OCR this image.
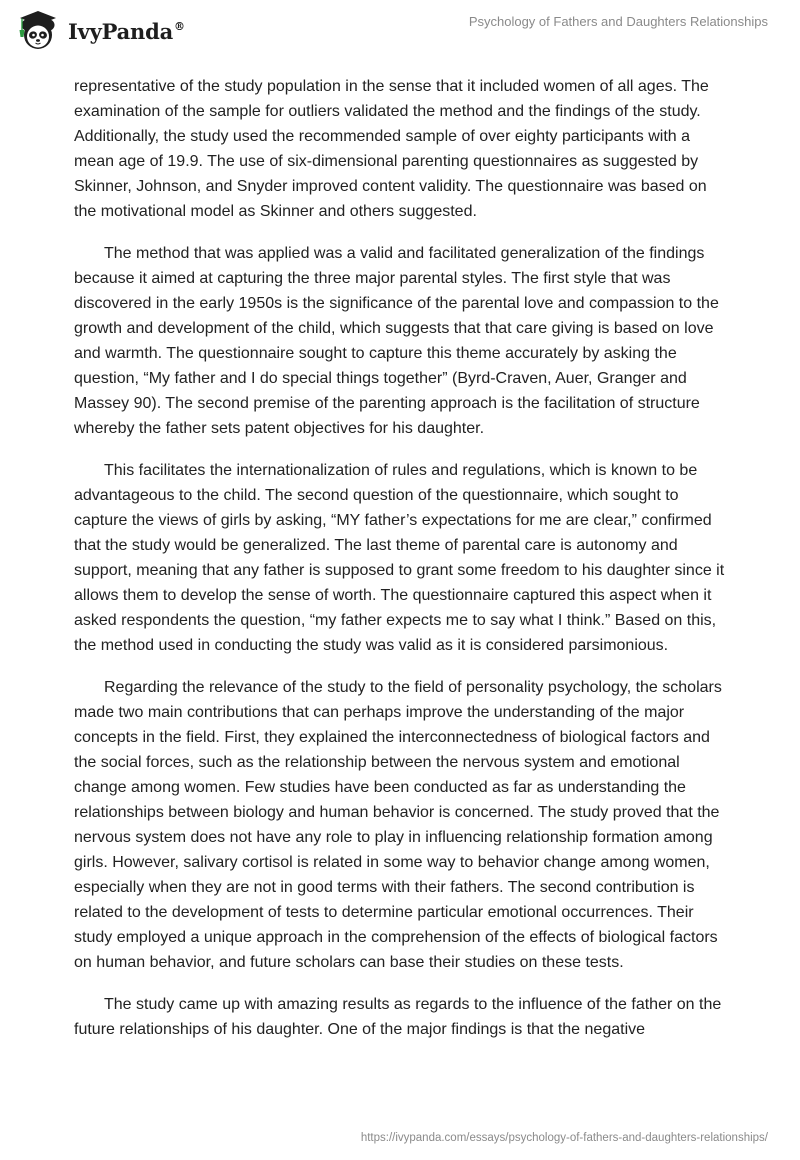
IvyPanda®	Psychology of Fathers and Daughters Relationships

representative of the study population in the sense that it included women of all ages. The examination of the sample for outliers validated the method and the findings of the study. Additionally, the study used the recommended sample of over eighty participants with a mean age of 19.9. The use of six-dimensional parenting questionnaires as suggested by Skinner, Johnson, and Snyder improved content validity. The questionnaire was based on the motivational model as Skinner and others suggested.

The method that was applied was a valid and facilitated generalization of the findings because it aimed at capturing the three major parental styles. The first style that was discovered in the early 1950s is the significance of the parental love and compassion to the growth and development of the child, which suggests that that care giving is based on love and warmth. The questionnaire sought to capture this theme accurately by asking the question, “My father and I do special things together” (Byrd-Craven, Auer, Granger and Massey 90). The second premise of the parenting approach is the facilitation of structure whereby the father sets patent objectives for his daughter.

This facilitates the internationalization of rules and regulations, which is known to be advantageous to the child. The second question of the questionnaire, which sought to capture the views of girls by asking, “MY father’s expectations for me are clear,” confirmed that the study would be generalized. The last theme of parental care is autonomy and support, meaning that any father is supposed to grant some freedom to his daughter since it allows them to develop the sense of worth. The questionnaire captured this aspect when it asked respondents the question, “my father expects me to say what I think.” Based on this, the method used in conducting the study was valid as it is considered parsimonious.

Regarding the relevance of the study to the field of personality psychology, the scholars made two main contributions that can perhaps improve the understanding of the major concepts in the field. First, they explained the interconnectedness of biological factors and the social forces, such as the relationship between the nervous system and emotional change among women. Few studies have been conducted as far as understanding the relationships between biology and human behavior is concerned. The study proved that the nervous system does not have any role to play in influencing relationship formation among girls. However, salivary cortisol is related in some way to behavior change among women, especially when they are not in good terms with their fathers. The second contribution is related to the development of tests to determine particular emotional occurrences. Their study employed a unique approach in the comprehension of the effects of biological factors on human behavior, and future scholars can base their studies on these tests.

The study came up with amazing results as regards to the influence of the father on the future relationships of his daughter. One of the major findings is that the negative

https://ivypanda.com/essays/psychology-of-fathers-and-daughters-relationships/
